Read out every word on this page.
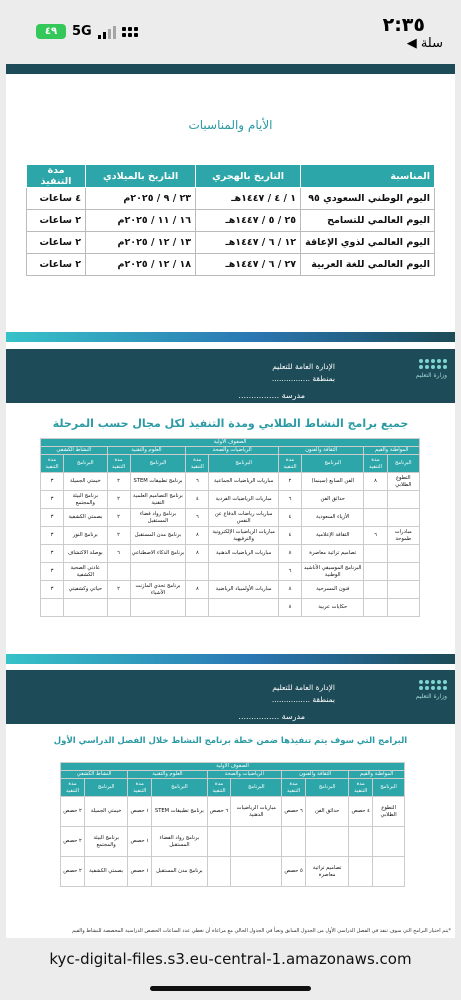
٢:٣٥
◀ سلة
٤٩	5G
الأيام والمناسبات
المناسبة	التاريخ بالهجري	التاريخ بالميلادي	مدة التنفيذ
اليوم الوطني السعودي ٩٥	١ / ٤ / ١٤٤٧هـ	٢٣ / ٩ / ٢٠٢٥م	٤ ساعات
اليوم العالمي للتسامح	٢٥ / ٥ / ١٤٤٧هـ	١٦ / ١١ / ٢٠٢٥م	٢ ساعات
اليوم العالمي لذوي الإعاقة	١٢ / ٦ / ١٤٤٧هـ	١٣ / ١٢ / ٢٠٢٥م	٢ ساعات
اليوم العالمي للغة العربية	٢٧ / ٦ / ١٤٤٧هـ	١٨ / ١٢ / ٢٠٢٥م	٢ ساعات
وزارة التعليم
الإدارة العامة للتعليم
بمنطقة ................
مدرسة ................
جميع برامج النشاط الطلابي ومدة التنفيذ لكل مجال حسب المرحلة
الصفوف الأولية									
المواطنة والقيم		الثقافة والفنون		الرياضيات والصحة		العلوم والتقنية		النشاط الكشفي	
البرنامج	مدة التنفيذ	البرنامج	مدة التنفيذ	البرنامج	مدة التنفيذ	البرنامج	مدة التنفيذ	البرنامج	مدة التنفيذ
التطوع الطلابي	٨	الفن السابع (سينما)	٢	مباريات الرياضيات الجماعية	٦	برنامج تطبيقات STEM	٢	خيمتي الجميلة	٣
		حدائق الفن	٦	مباريات الرياضيات الفردية	٤	برنامج التصاميم العلمية التقنية	٢	برنامج البيئة والمجتمع	٣
		الأزياء السعودية	٤	مباريات رياضات الدفاع عن النفس	٦	برنامج رواد فضاء المستقبل	٢	بصمتي الكشفية	٣
مبادرات طموحة	٦	الثقافة الإعلامية	٤	مباريات الرياضيات الإلكترونية والترفيهية	٨	برنامج مدن المستقبل	٢	برنامج النور	٣
		تصاميم تراثية معاصرة	٨	مباريات الرياضيات الذهنية	٨	برنامج الذكاء الاصطناعي	٦	بوصلة الاكتشاف	٣
		البرنامج الموسيقي الأناشيد الوطنية	٦					عادتي الصحية الكشفية	٣
		فنون المسرحية	٨	مباريات الأولمبياد الرياضية	٨	برنامج تحدي المازنت الأشياء	٢	حياتي وكشفيتي	٣
		حكايات عربية	٨						
وزارة التعليم
الإدارة العامة للتعليم
بمنطقة ................
مدرسة ................
البرامج التي سوف يتم تنفيذها ضمن خطة برنامج النشاط خلال الفصل الدراسي الأول
الصفوف الأولية									
المواطنة والقيم		الثقافة والفنون		الرياضيات والصحة		العلوم والتقنية		النشاط الكشفي	
البرنامج	مدة التنفيذ	البرنامج	مدة التنفيذ	البرنامج	مدة التنفيذ	البرنامج	مدة التنفيذ	البرنامج	مدة التنفيذ
التطوع الطلابي	٤ حصص	حدائق الفن	٦ حصص	مباريات الرياضيات الذهنية	٦ حصص	برنامج تطبيقات STEM	١ حصص	خيمتي الجميلة	٢ حصص
						برنامج رواد الفضاء المستقبل	١ حصص	برنامج البيئة والمجتمع	٢ حصص
		تصاميم تراثية معاصرة	٥ حصص			برنامج مدن المستقبل	١ حصص	بصمتي الكشفية	٢ حصص
*يتم اختيار البرامج التي سوف تنفذ في الفصل الدراسي الأول من الجدول السابق وتعبأ في الجدول الحالي مع مراعاة أن تغطي عدد الساعات الحصص الدراسية المخصصة للنشاط والقيم
kyc-digital-files.s3.eu-central-1.amazonaws.com
